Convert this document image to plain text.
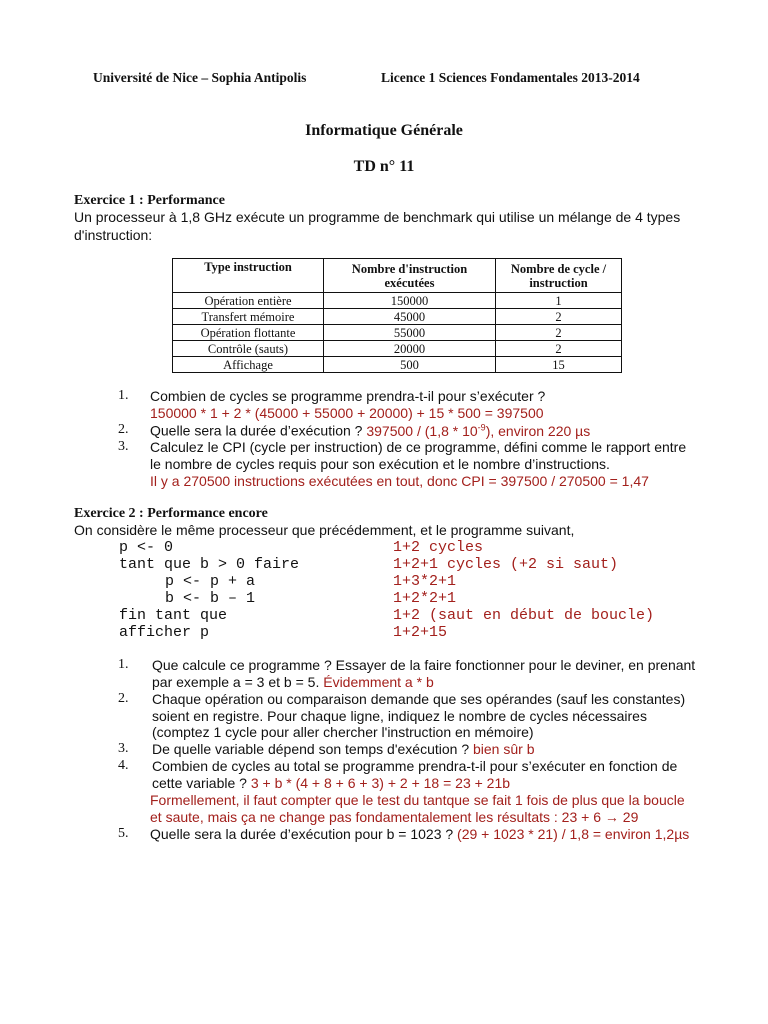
Université de Nice – Sophia Antipolis	Licence 1 Sciences Fondamentales 2013-2014
Informatique Générale
TD n° 11
Exercice 1 : Performance
Un processeur à 1,8 GHz exécute un programme de benchmark qui utilise un mélange de 4 types
d'instruction:
Type instruction	Nombre d'instruction exécutées	Nombre de cycle / instruction
Opération entière	150000	1
Transfert mémoire	45000	2
Opération flottante	55000	2
Contrôle (sauts)	20000	2
Affichage	500	15
1. Combien de cycles se programme prendra-t-il pour s’exécuter ?
150000 * 1 + 2 * (45000 + 55000 + 20000) + 15 * 500 = 397500
2. Quelle sera la durée d’exécution ? $397500 / (1,8 * 10^{-9})$, environ 220 µs
3. Calculez le CPI (cycle per instruction) de ce programme, défini comme le rapport entre
le nombre de cycles requis pour son exécution et le nombre d’instructions.
Il y a 270500 instructions exécutées en tout, donc CPI = 397500 / 270500 = 1,47
Exercice 2 : Performance encore
On considère le même processeur que précédemment, et le programme suivant,
p <- 0	1+2 cycles
tant que b > 0 faire	1+2+1 cycles (+2 si saut)
p <- p + a	1+3*2+1
b <- b – 1	1+2*2+1
fin tant que	1+2 (saut en début de boucle)
afficher p	1+2+15
1. Que calcule ce programme ? Essayer de la faire fonctionner pour le deviner, en prenant
par exemple a = 3 et b = 5. Évidemment a * b
2. Chaque opération ou comparaison demande que ses opérandes (sauf les constantes)
soient en registre. Pour chaque ligne, indiquez le nombre de cycles nécessaires
(comptez 1 cycle pour aller chercher l'instruction en mémoire)
3. De quelle variable dépend son temps d'exécution ? bien sûr b
4. Combien de cycles au total se programme prendra-t-il pour s’exécuter en fonction de
cette variable ? 3 + b * (4 + 8 + 6 + 3) + 2 + 18 = 23 + 21b
Formellement, il faut compter que le test du tantque se fait 1 fois de plus que la boucle
et saute, mais ça ne change pas fondamentalement les résultats : 23 + 6 → 29
5. Quelle sera la durée d’exécution pour b = 1023 ? (29 + 1023 * 21) / 1,8 = environ 1,2µs
